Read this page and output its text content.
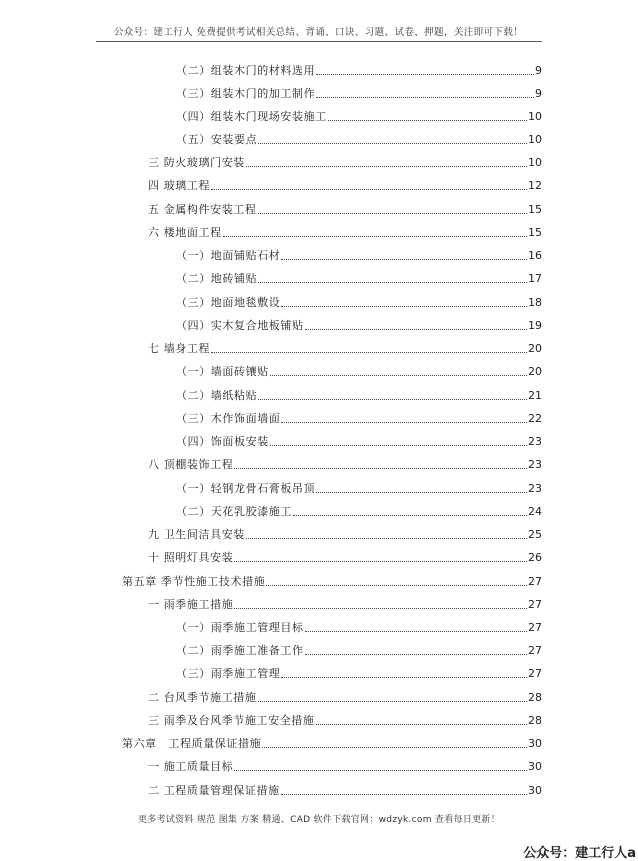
公众号：建工行人 免费提供考试相关总结、背诵、口诀、习题、试卷、押题，关注即可下载！
（二）组装木门的材料选用	9
（三）组装木门的加工制作	9
（四）组装木门现场安装施工	10
（五）安装要点	10
三 防火玻璃门安装	10
四 玻璃工程	12
五 金属构件安装工程	15
六 楼地面工程	15
（一）地面铺贴石材	16
（二）地砖铺贴	17
（三）地面地毯敷设	18
（四）实木复合地板铺贴	19
七 墙身工程	20
（一）墙面砖镶贴	20
（二）墙纸粘贴	21
（三）木作饰面墙面	22
（四）饰面板安装	23
八 顶棚装饰工程	23
（一）轻钢龙骨石膏板吊顶	23
（二）天花乳胶漆施工	24
九 卫生间洁具安装	25
十 照明灯具安装	26
第五章 季节性施工技术措施	27
一 雨季施工措施	27
（一）雨季施工管理目标	27
（二）雨季施工准备工作	27
（三）雨季施工管理	27
二 台风季节施工措施	28
三 雨季及台风季节施工安全措施	28
第六章　工程质量保证措施	30
一 施工质量目标	30
二 工程质量管理保证措施	30
更多考试资料 规范 图集 方案 精通、CAD 软件下载官网：wdzyk.com 查看每日更新！
公众号：建工行人a
